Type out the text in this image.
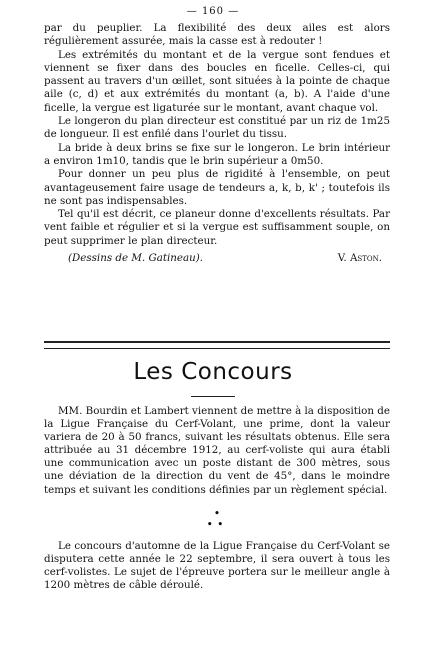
— 160 —

par du peuplier. La flexibilité des deux ailes est alors régulièrement assurée, mais la casse est à redouter !

Les extrémités du montant et de la vergue sont fendues et viennent se fixer dans des boucles en ficelle. Celles-ci, qui passent au travers d'un œillet, sont situées à la pointe de chaque aile (c, d) et aux extrémités du montant (a, b). A l'aide d'une ficelle, la vergue est ligaturée sur le montant, avant chaque vol.

Le longeron du plan directeur est constitué par un riz de 1m25 de longueur. Il est enfilé dans l'ourlet du tissu.

La bride à deux brins se fixe sur le longeron. Le brin intérieur a environ 1m10, tandis que le brin supérieur a 0m50.

Pour donner un peu plus de rigidité à l'ensemble, on peut avantageusement faire usage de tendeurs a, k, b, k' ; toutefois ils ne sont pas indispensables.

Tel qu'il est décrit, ce planeur donne d'excellents résultats. Par vent faible et régulier et si la vergue est suffisamment souple, on peut supprimer le plan directeur.

(Dessins de M. Gatineau).	V. Aston.
Les Concours

MM. Bourdin et Lambert viennent de mettre à la disposition de la Ligue Française du Cerf-Volant, une prime, dont la valeur variera de 20 à 50 francs, suivant les résultats obtenus. Elle sera attribuée au 31 décembre 1912, au cerf-voliste qui aura établi une communication avec un poste distant de 300 mètres, sous une déviation de la direction du vent de 45°, dans le moindre temps et suivant les conditions définies par un règlement spécial.

•
••

Le concours d'automne de la Ligue Française du Cerf-Volant se disputera cette année le 22 septembre, il sera ouvert à tous les cerf-volistes. Le sujet de l'épreuve portera sur le meilleur angle à 1200 mètres de câble déroulé.
